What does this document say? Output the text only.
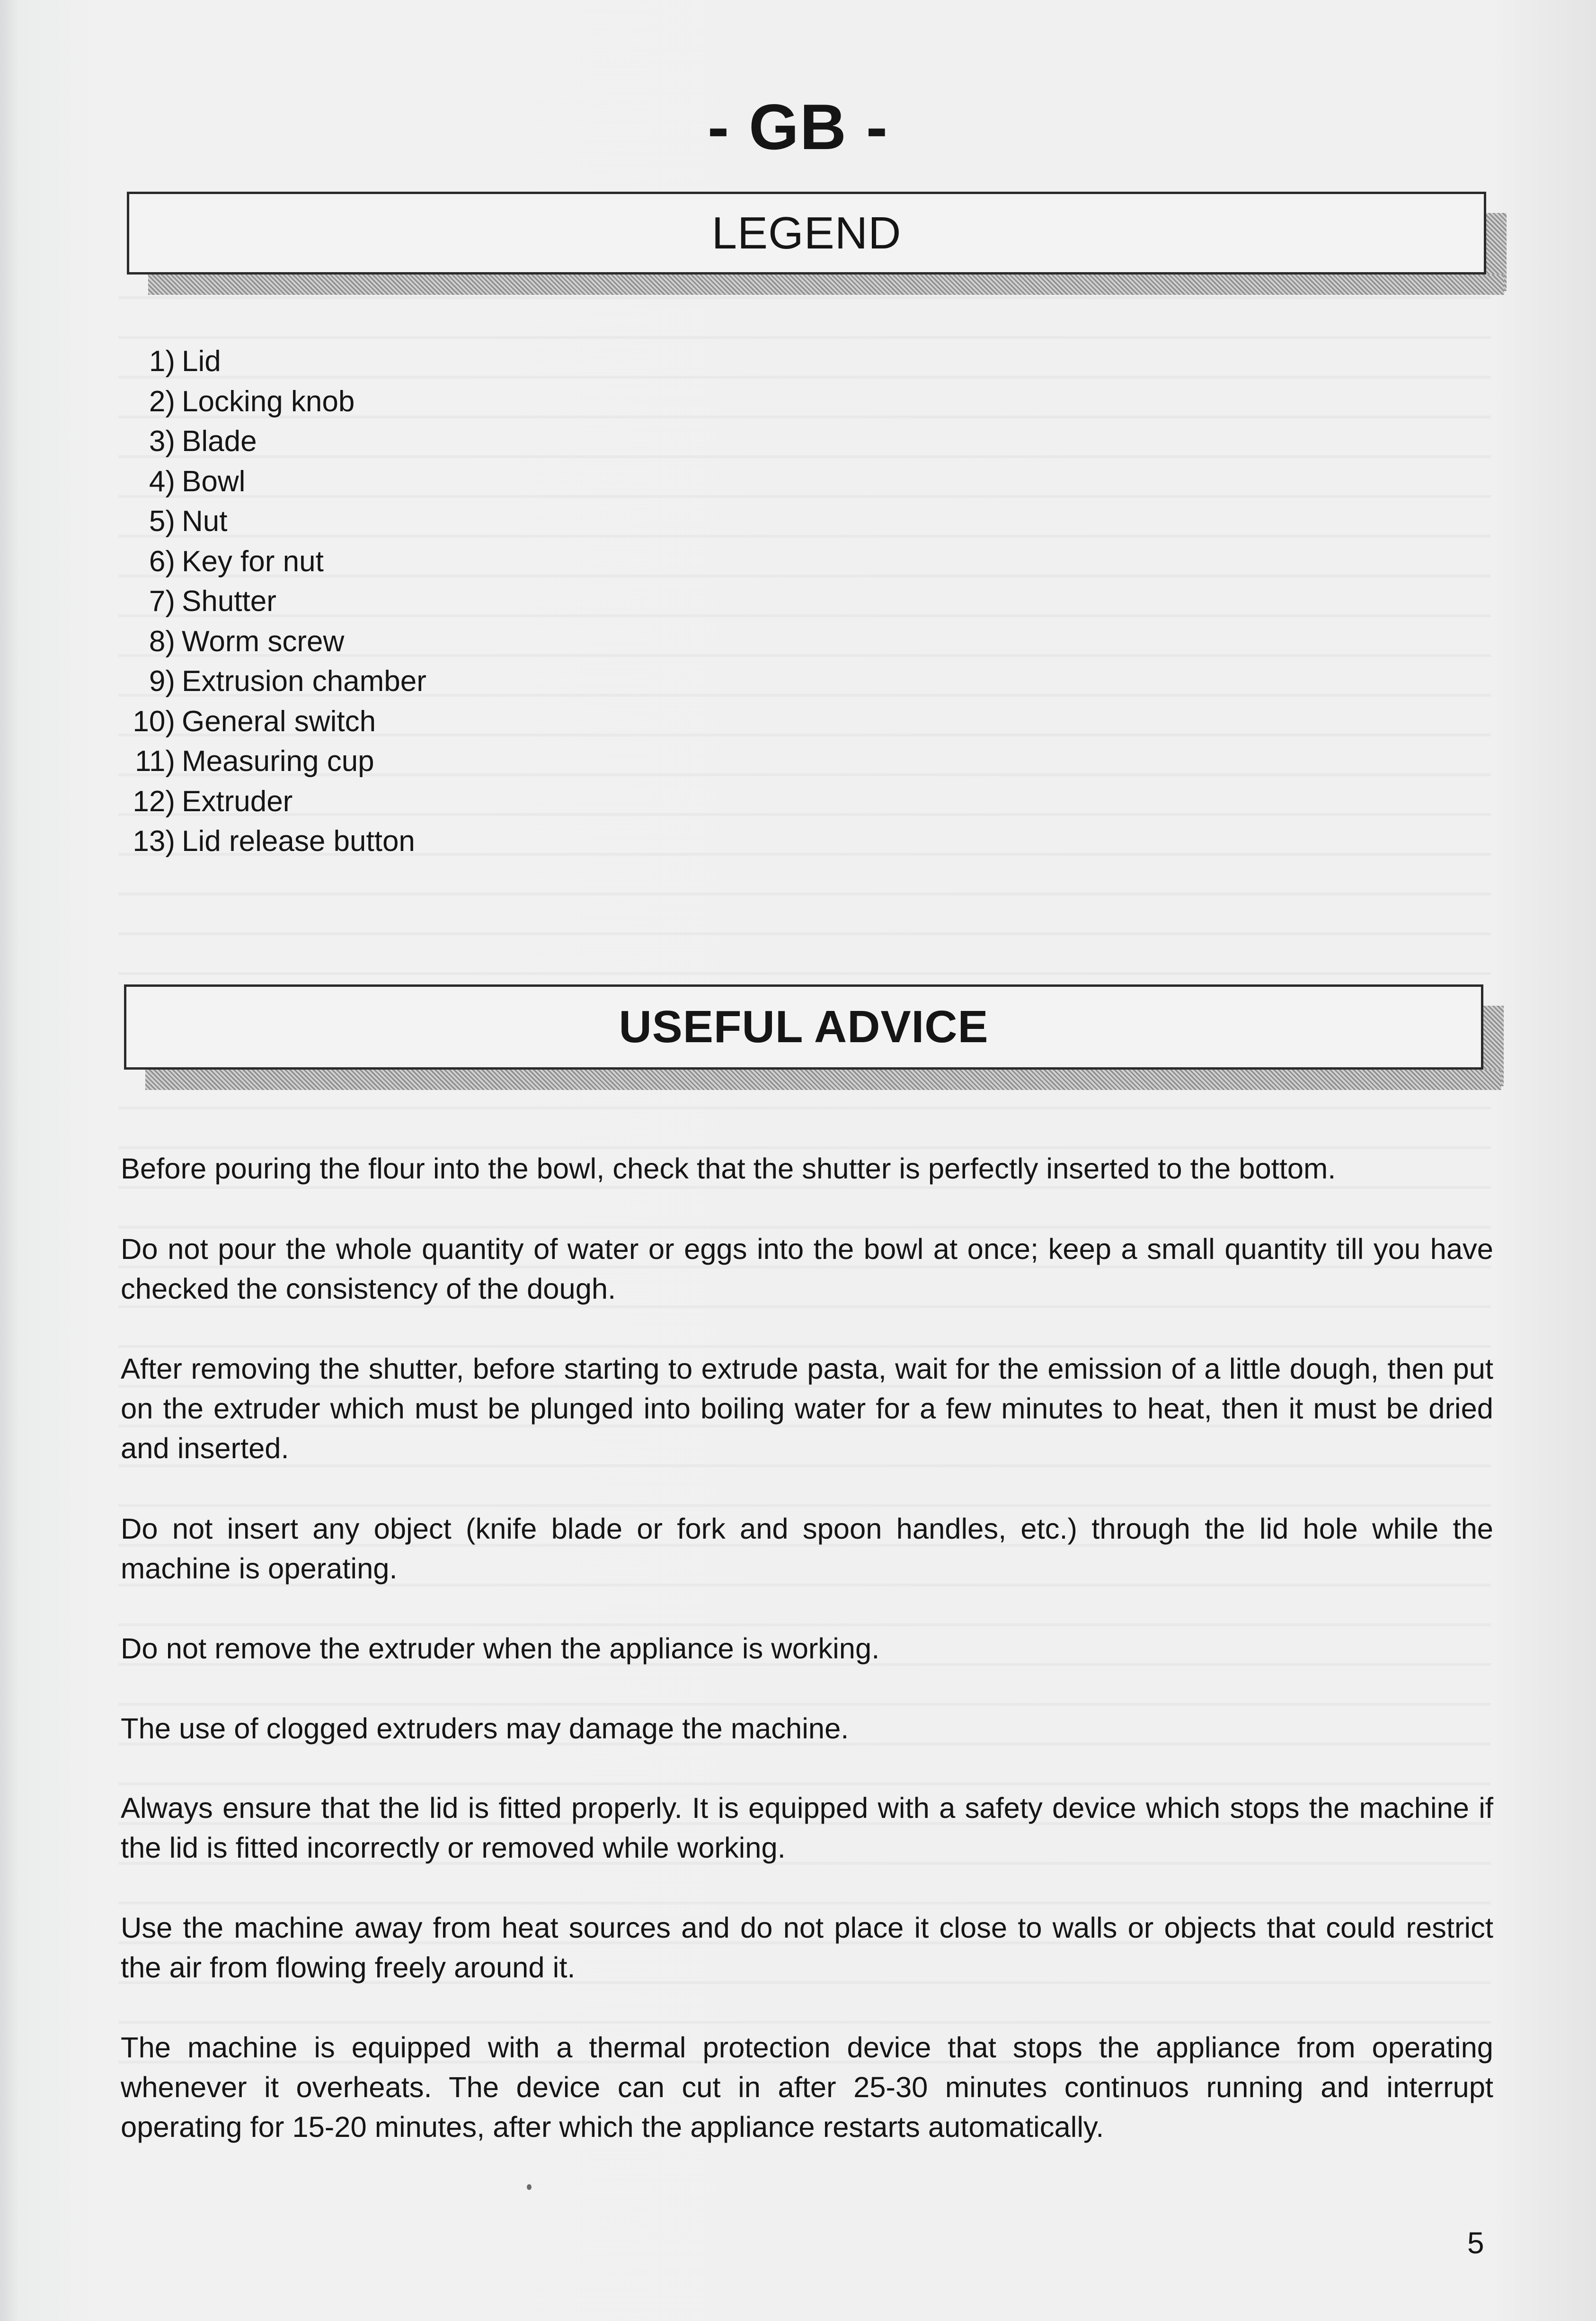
- GB -
LEGEND
1) Lid
2) Locking knob
3) Blade
4) Bowl
5) Nut
6) Key for nut
7) Shutter
8) Worm screw
9) Extrusion chamber
10) General switch
11) Measuring cup
12) Extruder
13) Lid release button
USEFUL ADVICE

Before pouring the flour into the bowl, check that the shutter is perfectly inserted to the bottom.

Do not pour the whole quantity of water or eggs into the bowl at once; keep a small quantity till you have checked the consistency of the dough.

After removing the shutter, before starting to extrude pasta, wait for the emission of a little dough, then put on the extruder which must be plunged into boiling water for a few minutes to heat, then it must be dried and inserted.

Do not insert any object (knife blade or fork and spoon handles, etc.) through the lid hole while the machine is operating.

Do not remove the extruder when the appliance is working.

The use of clogged extruders may damage the machine.

Always ensure that the lid is fitted properly. It is equipped with a safety device which stops the machine if the lid is fitted incorrectly or removed while working.

Use the machine away from heat sources and do not place it close to walls or objects that could restrict the air from flowing freely around it.

The machine is equipped with a thermal protection device that stops the appliance from operating whenever it overheats. The device can cut in after 25-30 minutes continuos running and interrupt operating for 15-20 minutes, after which the appliance restarts automatically.

5
